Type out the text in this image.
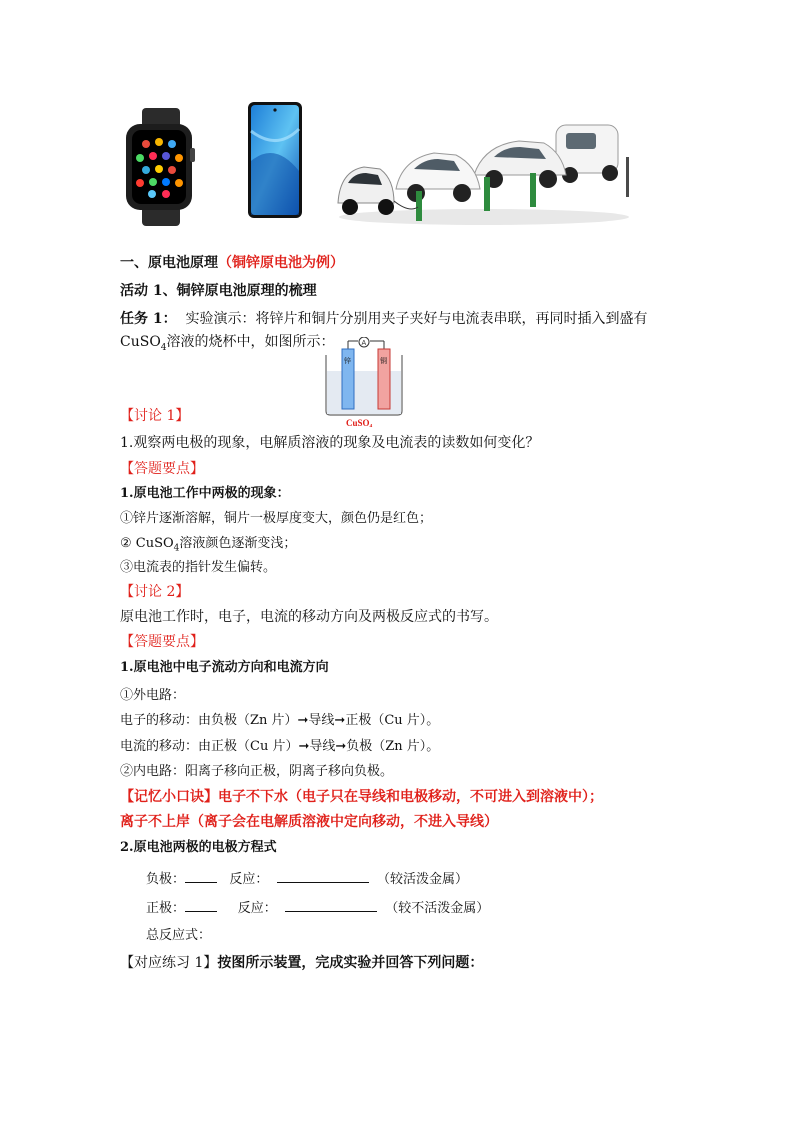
一、原电池原理（铜锌原电池为例）
活动 1、铜锌原电池原理的梳理
任务 1： 实验演示：将锌片和铜片分别用夹子夹好与电流表串联，再同时插入到盛有
CuSO$_4$溶液的烧杯中，如图所示：	A
锌	铜
CuSO₄
【讨论 1】
1.观察两电极的现象，电解质溶液的现象及电流表的读数如何变化？
【答题要点】
1.原电池工作中两极的现象：
①锌片逐渐溶解，铜片一极厚度变大，颜色仍是红色；
② CuSO$_4$溶液颜色逐渐变浅；
③电流表的指针发生偏转。
【讨论 2】
原电池工作时，电子，电流的移动方向及两极反应式的书写。
【答题要点】
1.原电池中电子流动方向和电流方向
①外电路：
电子的移动：由负极（Zn 片）➞导线➞正极（Cu 片）。
电流的移动：由正极（Cu 片）➞导线➞负极（Zn 片）。
②内电路：阳离子移向正极，阴离子移向负极。
【记忆小口诀】电子不下水（电子只在导线和电极移动，不可进入到溶液中）；
离子不上岸（离子会在电解质溶液中定向移动，不进入导线）
2.原电池两极的电极方程式
负极：	反应：	（较活泼金属）
正极：	反应：	（较不活泼金属）
总反应式：
【对应练习 1】按图所示装置，完成实验并回答下列问题：
